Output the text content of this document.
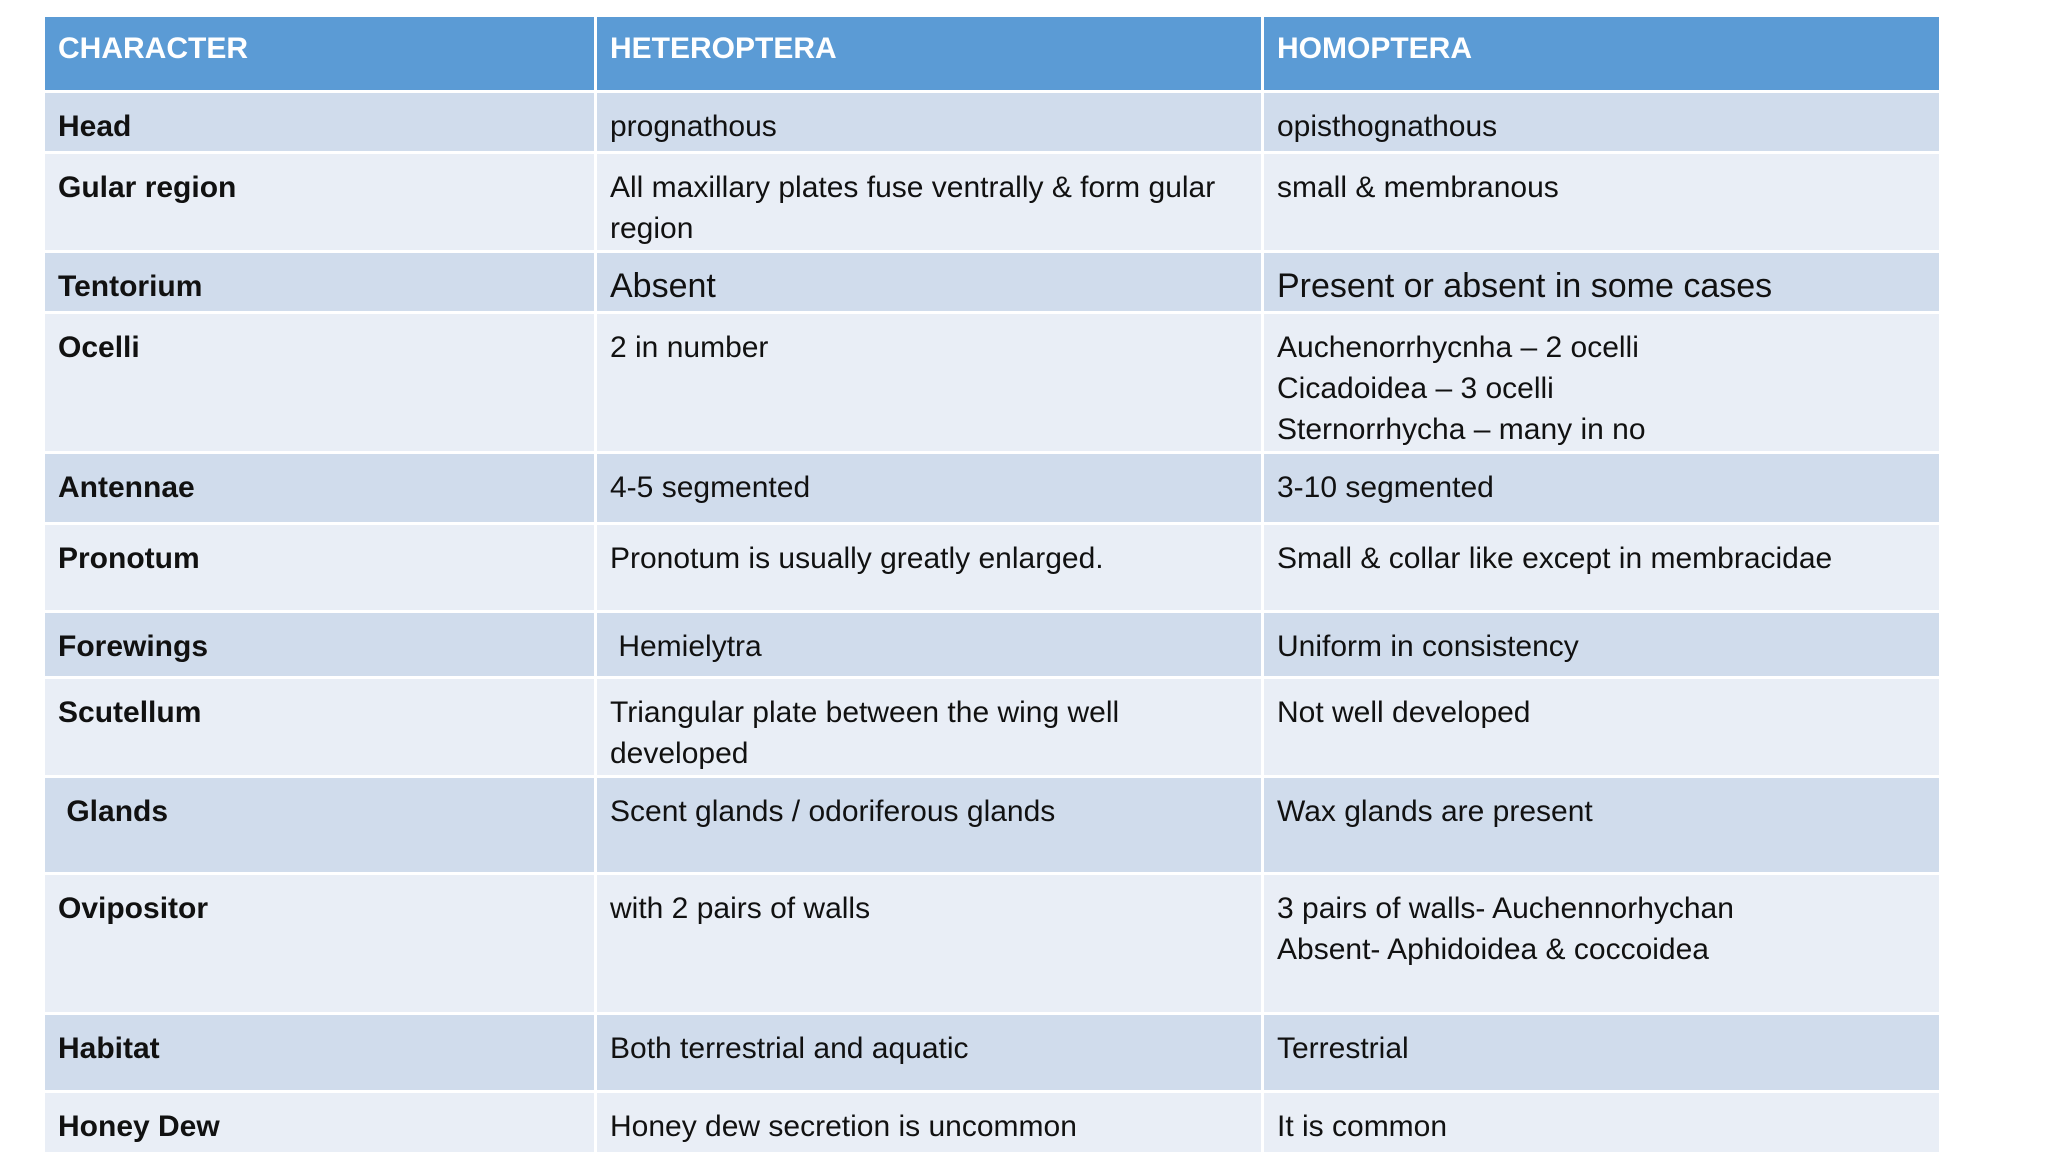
CHARACTER	HETEROPTERA	HOMOPTERA
Head	prognathous	opisthognathous

Gular region	All maxillary plates fuse ventrally & form gular region	small & membranous

Tentorium	Absent	Present or absent in some cases

Ocelli	2 in number	Auchenorrhycnha – 2 ocelli
Cicadoidea – 3 ocelli
Sternorrhycha – many in no

Antennae	4-5 segmented	3-10 segmented

Pronotum	Pronotum is usually greatly enlarged.	Small & collar like except in membracidae

Forewings	Hemielytra	Uniform in consistency

Scutellum	Triangular plate between the wing well developed	Not well developed

Glands	Scent glands / odoriferous glands	Wax glands are present

Ovipositor	with 2 pairs of walls	3 pairs of walls- Auchennorhychan
Absent- Aphidoidea & coccoidea

Habitat	Both terrestrial and aquatic	Terrestrial

Honey Dew	Honey dew secretion is uncommon	It is common
